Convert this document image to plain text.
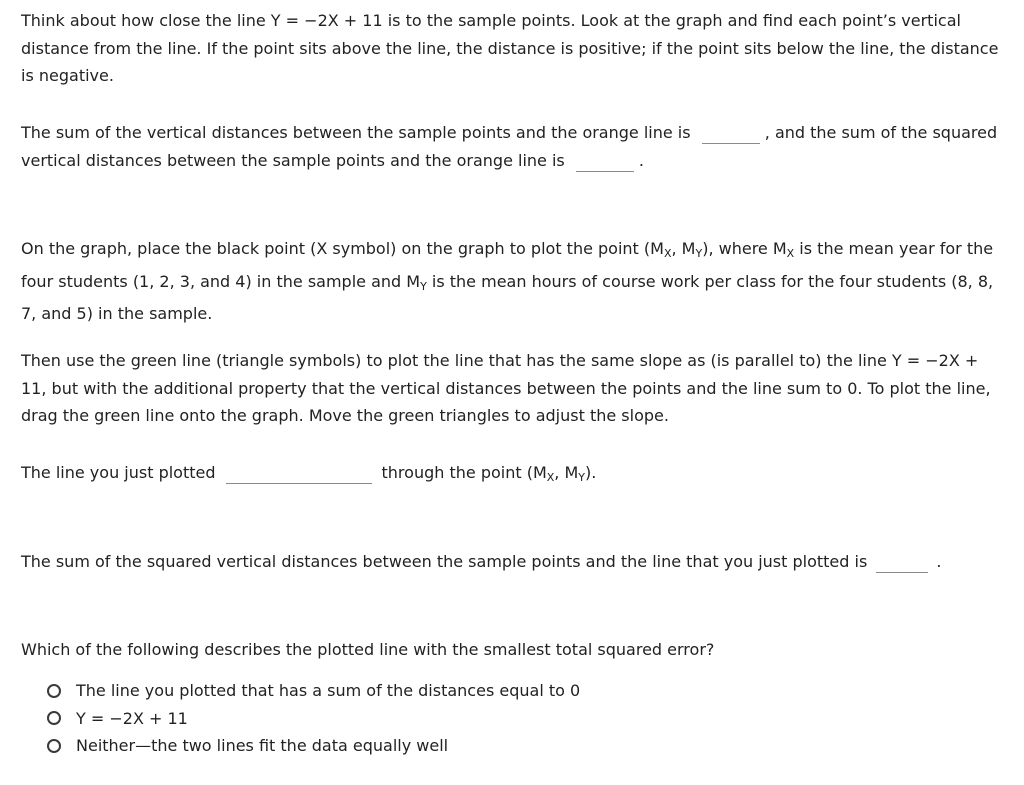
Think about how close the line Y = −2X + 11 is to the sample points. Look at the graph and find each point’s vertical distance from the line. If the point sits above the line, the distance is positive; if the point sits below the line, the distance is negative.

The sum of the vertical distances between the sample points and the orange line is	, and the sum of the squared vertical distances between the sample points and the orange line is	.

On the graph, place the black point (X symbol) on the graph to plot the point ($M_X$, $M_Y$), where $M_X$ is the mean year for the four students (1, 2, 3, and 4) in the sample and $M_Y$ is the mean hours of course work per class for the four students (8, 8, 7, and 5) in the sample.

Then use the green line (triangle symbols) to plot the line that has the same slope as (is parallel to) the line Y = −2X + 11, but with the additional property that the vertical distances between the points and the line sum to 0. To plot the line, drag the green line onto the graph. Move the green triangles to adjust the slope.

The line you just plotted	through the point ($M_X$, $M_Y$).

The sum of the squared vertical distances between the sample points and the line that you just plotted is	.

Which of the following describes the plotted line with the smallest total squared error?

The line you plotted that has a sum of the distances equal to 0
Y = −2X + 11
Neither—the two lines fit the data equally well
